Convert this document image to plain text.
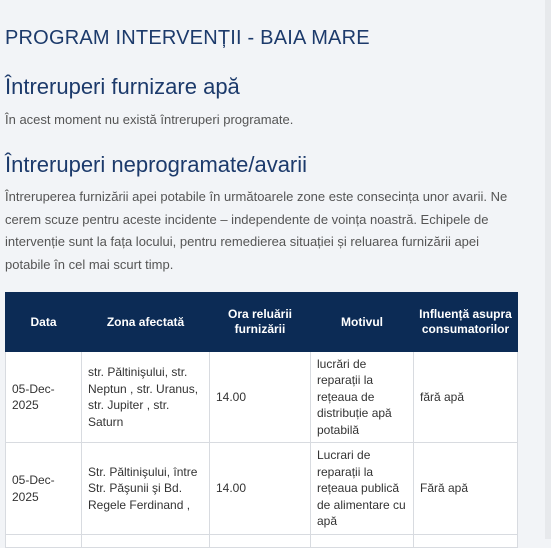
PROGRAM INTERVENȚII - BAIA MARE
Întreruperi furnizare apă

În acest moment nu există întreruperi programate.

Întreruperi neprogramate/avarii

Întreruperea furnizării apei potabile în următoarele zone este consecința unor avarii. Ne cerem scuze pentru aceste incidente – independente de voința noastră. Echipele de intervenție sunt la fața locului, pentru remedierea situației și reluarea furnizării apei potabile în cel mai scurt timp.

Data	Zona afectată	Ora reluării furnizării	Motivul	Influență asupra consumatorilor
05-Dec-2025	str. Păltinişului, str. Neptun , str. Uranus, str. Jupiter , str. Saturn	14.00	lucrări de reparații la rețeaua de distribuție apă potabilă	fără apă
05-Dec-2025	Str. Păltinişului, între Str. Păşunii şi Bd. Regele Ferdinand ,	14.00	Lucrari de reparații la rețeaua publică de alimentare cu apă	Fără apă
